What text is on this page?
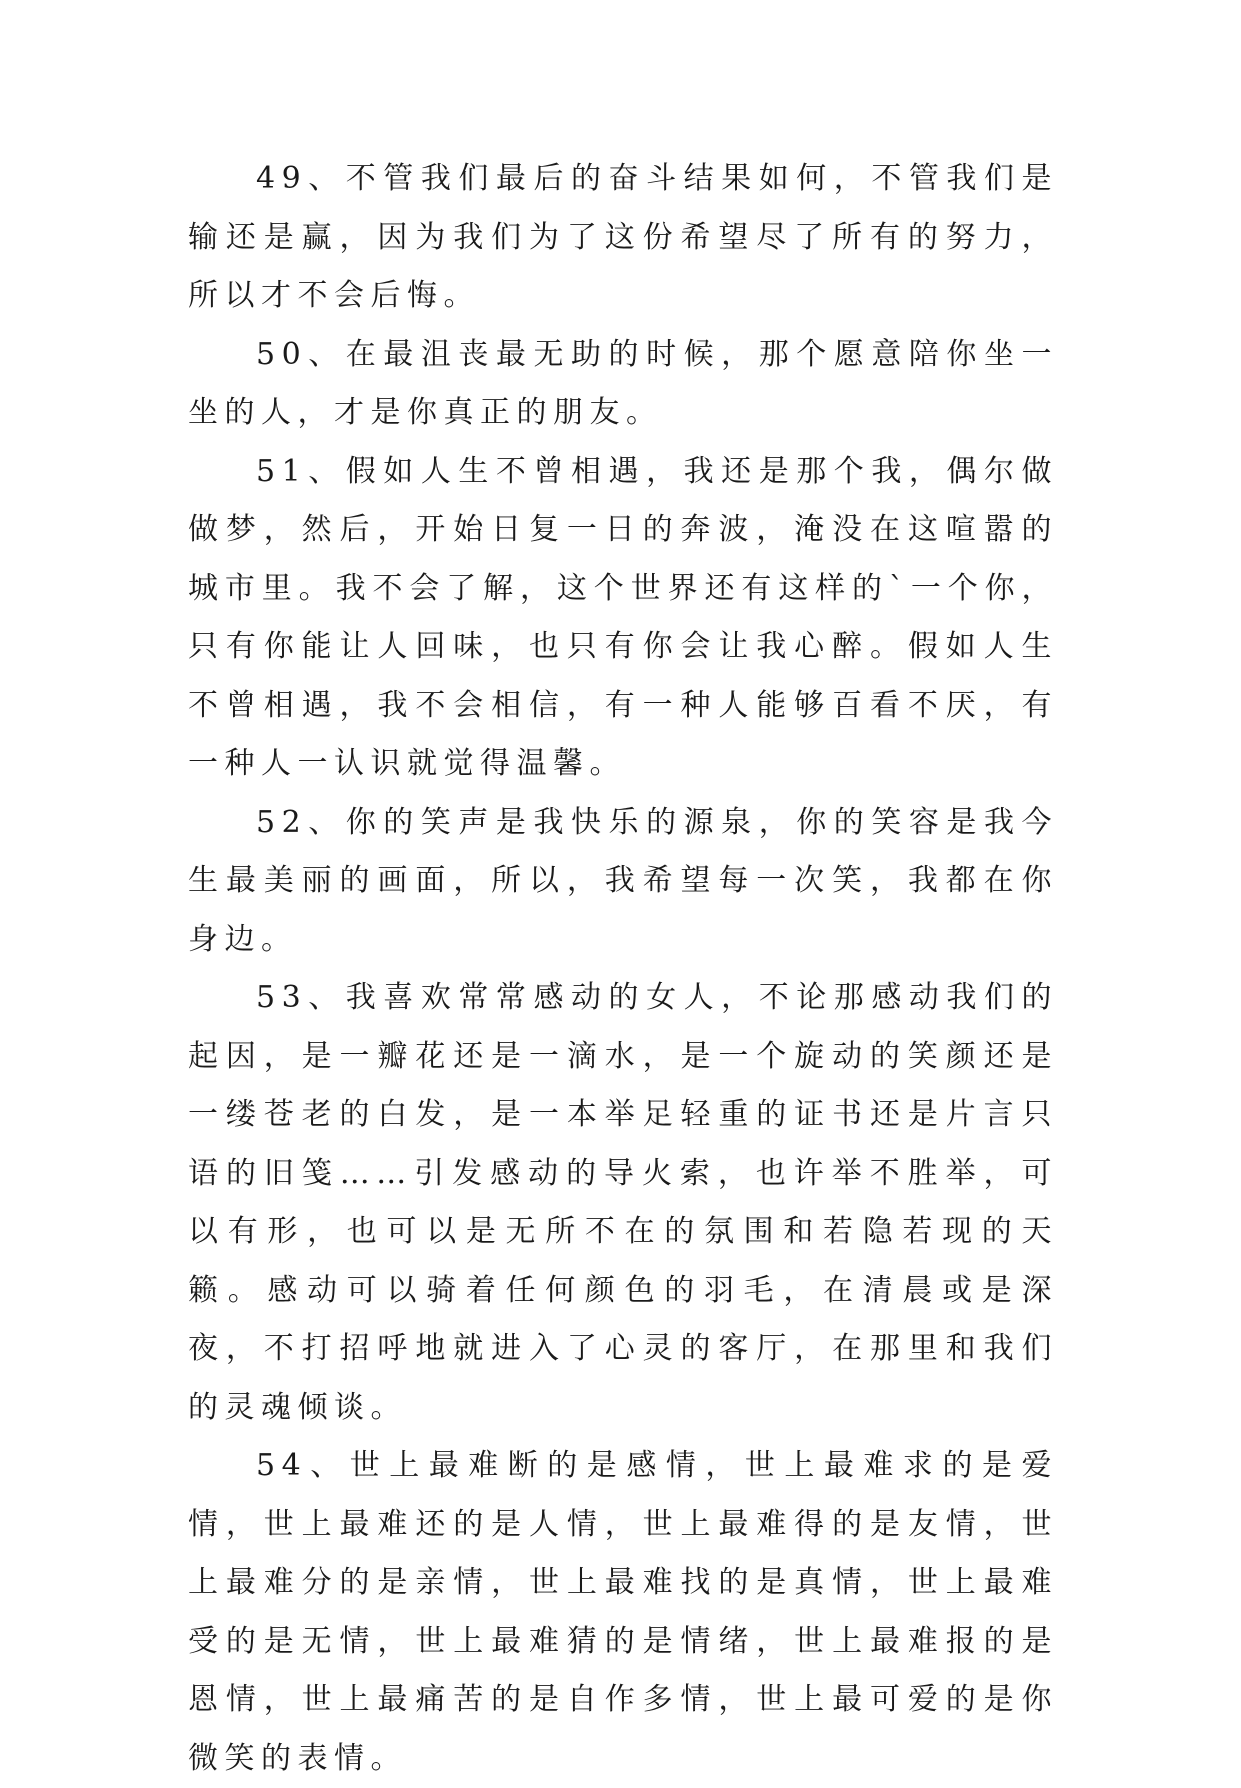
49、不管我们最后的奋斗结果如何，不管我们是输还是赢，因为我们为了这份希望尽了所有的努力，所以才不会后悔。

50、在最沮丧最无助的时候，那个愿意陪你坐一坐的人，才是你真正的朋友。

51、假如人生不曾相遇，我还是那个我，偶尔做做梦，然后，开始日复一日的奔波，淹没在这喧嚣的城市里。我不会了解，这个世界还有这样的`一个你，只有你能让人回味，也只有你会让我心醉。假如人生不曾相遇，我不会相信，有一种人能够百看不厌，有一种人一认识就觉得温馨。

52、你的笑声是我快乐的源泉，你的笑容是我今生最美丽的画面，所以，我希望每一次笑，我都在你身边。

53、我喜欢常常感动的女人，不论那感动我们的起因，是一瓣花还是一滴水，是一个旋动的笑颜还是一缕苍老的白发，是一本举足轻重的证书还是片言只语的旧笺……引发感动的导火索，也许举不胜举，可以有形，也可以是无所不在的氛围和若隐若现的天籁。感动可以骑着任何颜色的羽毛，在清晨或是深夜，不打招呼地就进入了心灵的客厅，在那里和我们的灵魂倾谈。

54、世上最难断的是感情，世上最难求的是爱情，世上最难还的是人情，世上最难得的是友情，世上最难分的是亲情，世上最难找的是真情，世上最难受的是无情，世上最难猜的是情绪，世上最难报的是恩情，世上最痛苦的是自作多情，世上最可爱的是你微笑的表情。
